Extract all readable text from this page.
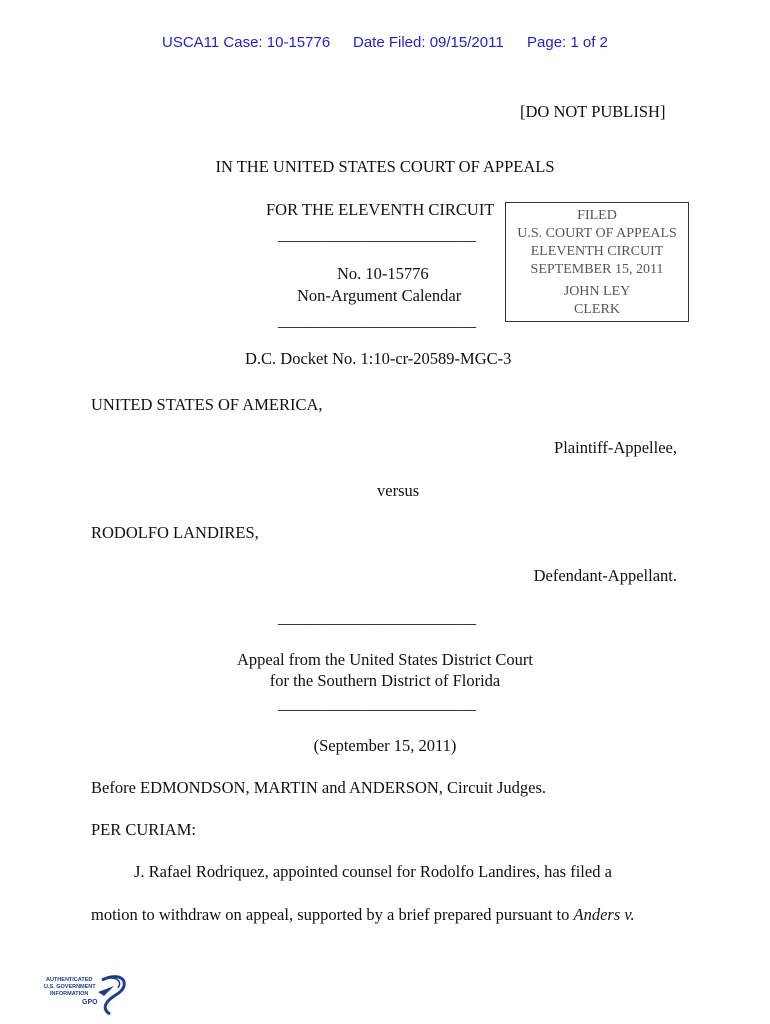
USCA11 Case: 10-15776 Date Filed: 09/15/2011 Page: 1 of 2
[DO NOT PUBLISH]
IN THE UNITED STATES COURT OF APPEALS
FOR THE ELEVENTH CIRCUIT
________________________
No. 10-15776
Non-Argument Calendar
________________________
FILED
U.S. COURT OF APPEALS
ELEVENTH CIRCUIT
SEPTEMBER 15, 2011
JOHN LEY
CLERK
D.C. Docket No. 1:10-cr-20589-MGC-3
UNITED STATES OF AMERICA,
Plaintiff-Appellee,
versus
RODOLFO LANDIRES,
Defendant-Appellant.
________________________
Appeal from the United States District Court
for the Southern District of Florida
________________________
(September 15, 2011)
Before EDMONDSON, MARTIN and ANDERSON, Circuit Judges.
PER CURIAM:
J. Rafael Rodriquez, appointed counsel for Rodolfo Landires, has filed a
motion to withdraw on appeal, supported by a brief prepared pursuant to Anders v.
AUTHENTICATED
U.S. GOVERNMENT
INFORMATION
GPO
